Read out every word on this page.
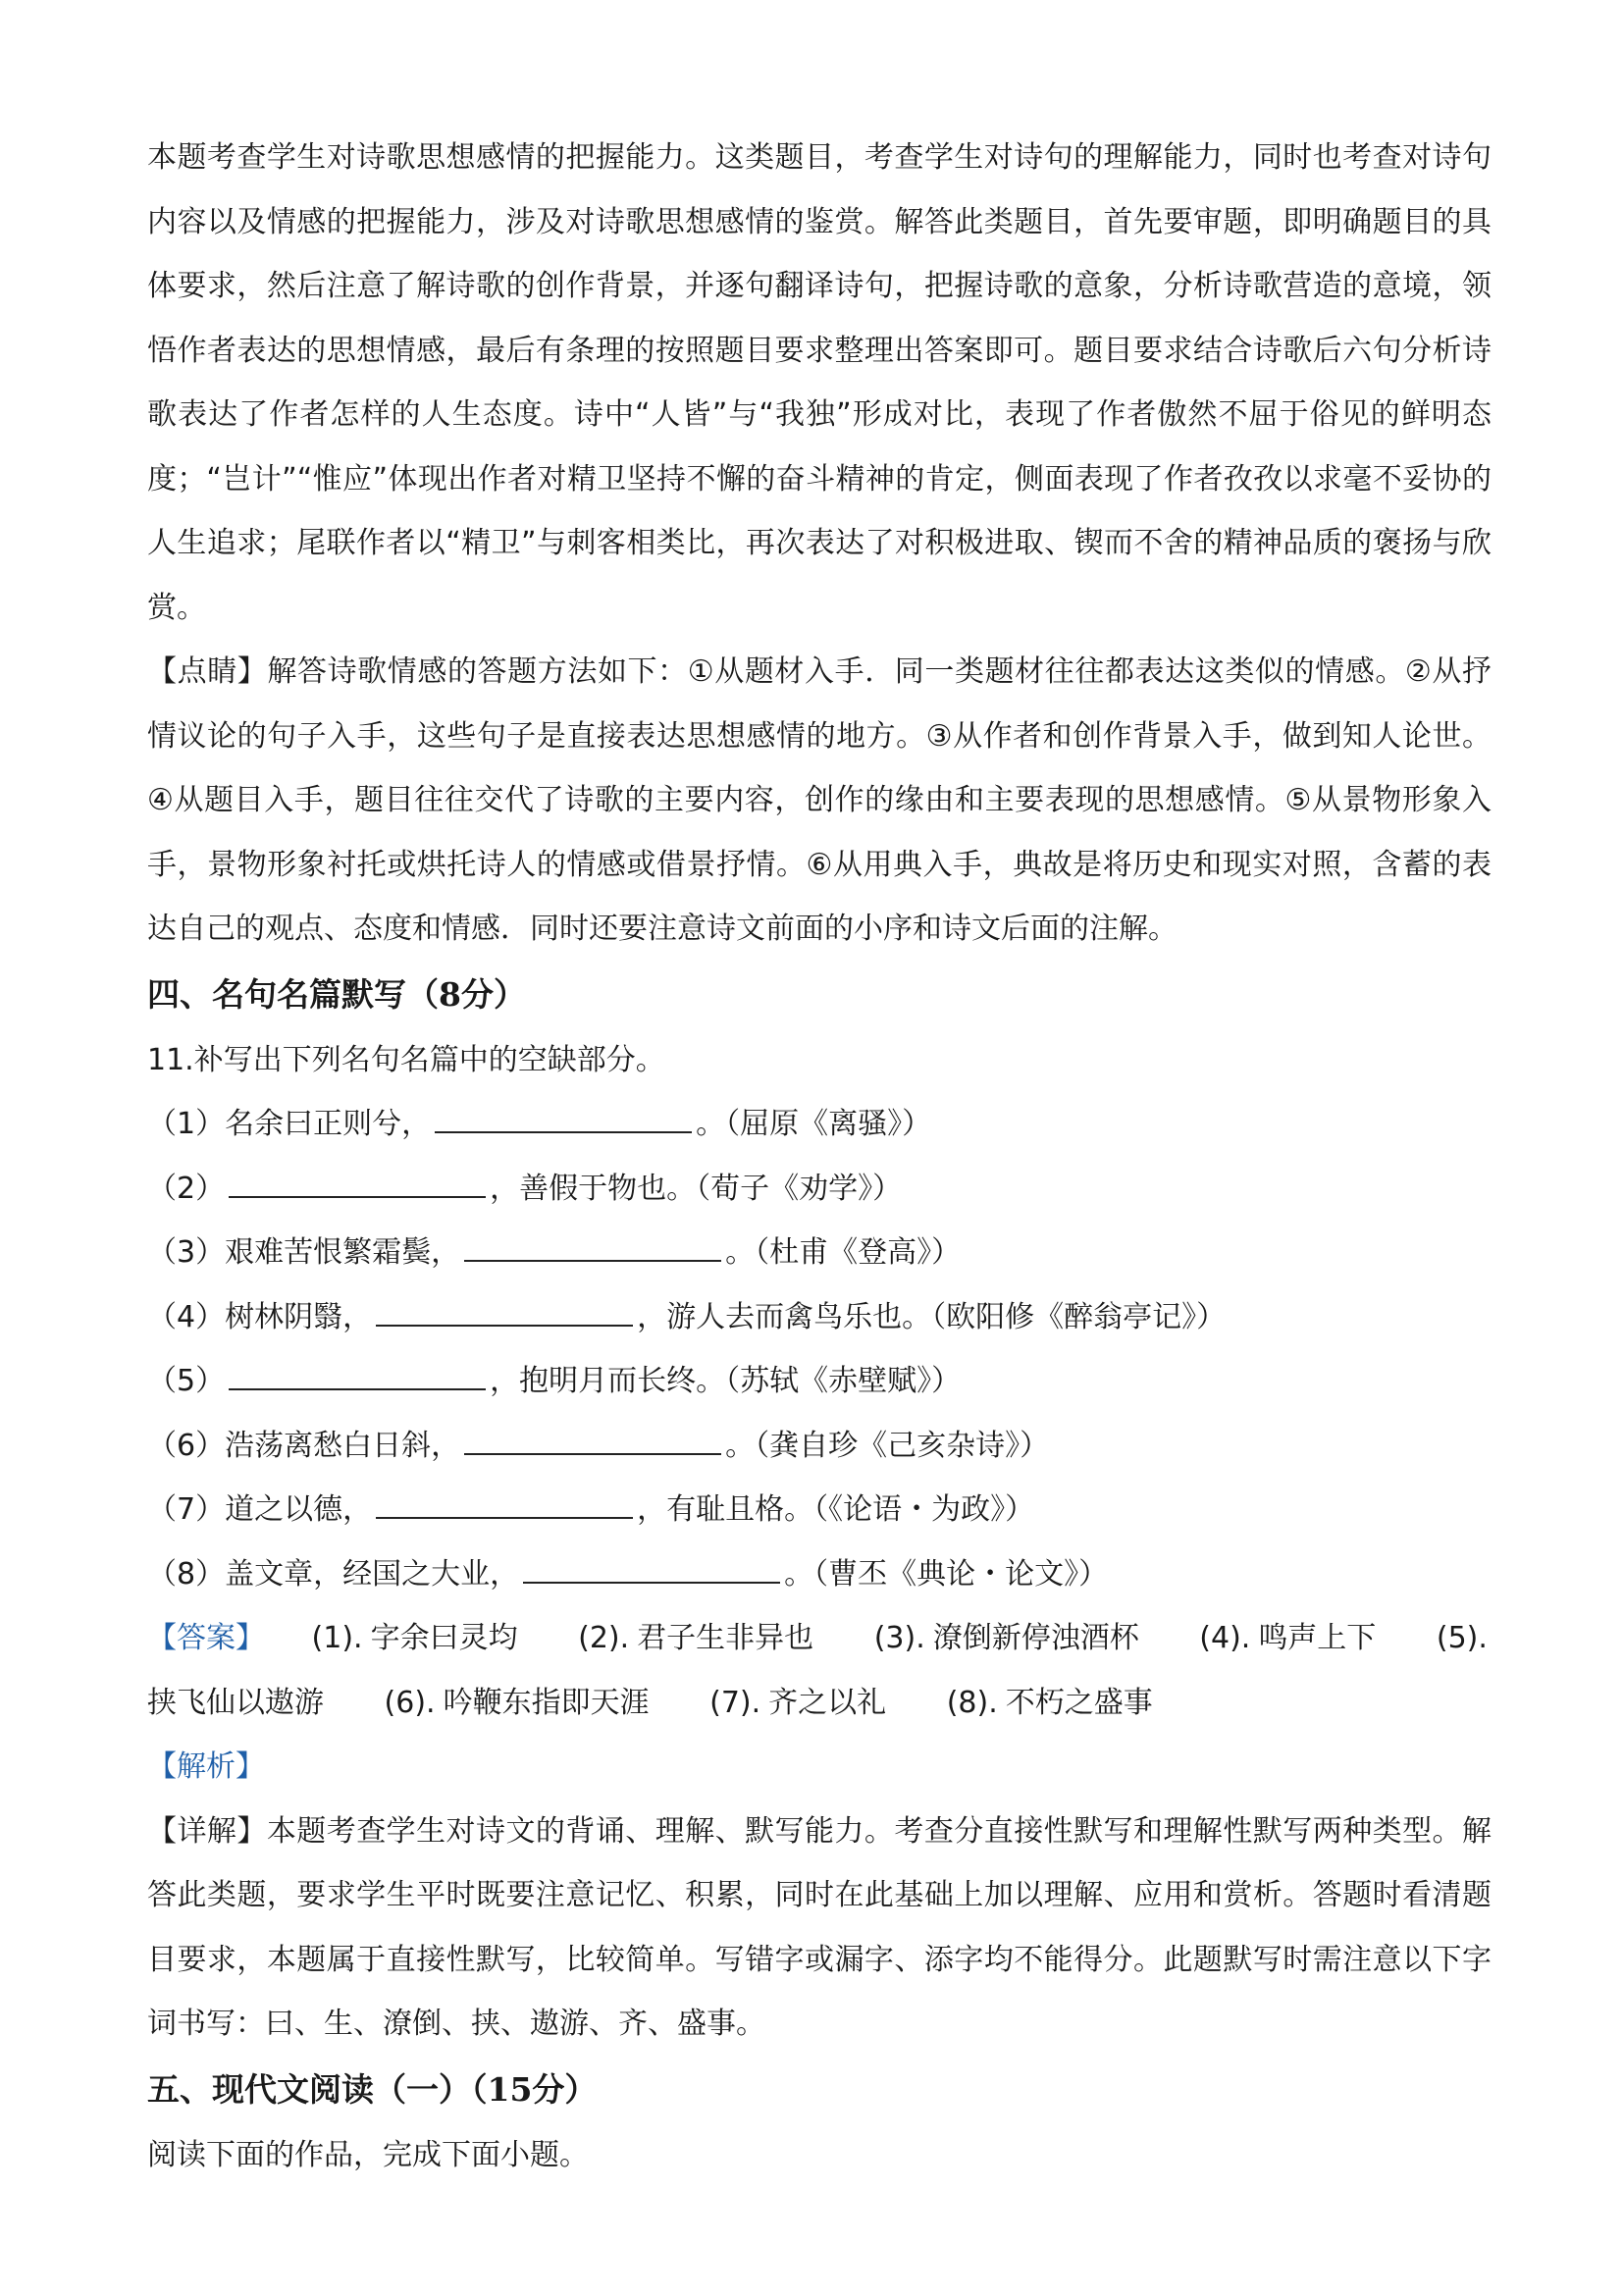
本题考查学生对诗歌思想感情的把握能力。这类题目，考查学生对诗句的理解能力，同时也考查对诗句内容以及情感的把握能力，涉及对诗歌思想感情的鉴赏。解答此类题目，首先要审题，即明确题目的具体要求，然后注意了解诗歌的创作背景，并逐句翻译诗句，把握诗歌的意象，分析诗歌营造的意境，领悟作者表达的思想情感，最后有条理的按照题目要求整理出答案即可。题目要求结合诗歌后六句分析诗歌表达了作者怎样的人生态度。诗中“人皆”与“我独”形成对比，表现了作者傲然不屈于俗见的鲜明态度；“岂计”“惟应”体现出作者对精卫坚持不懈的奋斗精神的肯定，侧面表现了作者孜孜以求毫不妥协的人生追求；尾联作者以“精卫”与刺客相类比，再次表达了对积极进取、锲而不舍的精神品质的褒扬与欣赏。

【点睛】解答诗歌情感的答题方法如下：①从题材入手．同一类题材往往都表达这类似的情感。②从抒情议论的句子入手，这些句子是直接表达思想感情的地方。③从作者和创作背景入手，做到知人论世。④从题目入手，题目往往交代了诗歌的主要内容，创作的缘由和主要表现的思想感情。⑤从景物形象入手，景物形象衬托或烘托诗人的情感或借景抒情。⑥从用典入手，典故是将历史和现实对照，含蓄的表达自己的观点、态度和情感．同时还要注意诗文前面的小序和诗文后面的注解。

四、名句名篇默写（8分）
11.补写出下列名句名篇中的空缺部分。
（1）名余曰正则兮，	。（屈原《离骚》）
（2）	，善假于物也。（荀子《劝学》）
（3）艰难苦恨繁霜鬓，	。（杜甫《登高》）
（4）树林阴翳，	，游人去而禽鸟乐也。（欧阳修《醉翁亭记》）
（5）	，抱明月而长终。（苏轼《赤壁赋》）
（6）浩荡离愁白日斜，	。（龚自珍《己亥杂诗》）
（7）道之以德，	，有耻且格。（《论语・为政》）
（8）盖文章，经国之大业，	。（曹丕《典论・论文》）
【答案】 (1). 字余曰灵均 (2). 君子生非异也 (3). 潦倒新停浊酒杯 (4). 鸣声上下 (5).
挟飞仙以遨游 (6). 吟鞭东指即天涯 (7). 齐之以礼 (8). 不朽之盛事
【解析】

【详解】本题考查学生对诗文的背诵、理解、默写能力。考查分直接性默写和理解性默写两种类型。解答此类题，要求学生平时既要注意记忆、积累，同时在此基础上加以理解、应用和赏析。答题时看清题目要求，本题属于直接性默写，比较简单。写错字或漏字、添字均不能得分。此题默写时需注意以下字词书写：曰、生、潦倒、挟、遨游、齐、盛事。

五、现代文阅读（一）（15分）
阅读下面的作品，完成下面小题。
